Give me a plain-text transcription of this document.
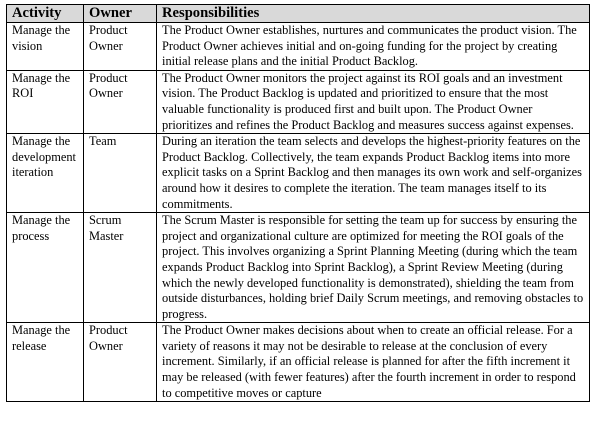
Activity	Owner	Responsibilities
Manage the vision	Product Owner	The Product Owner establishes, nurtures and communicates the product vision. The Product Owner achieves initial and on-going funding for the project by creating initial release plans and the initial Product Backlog.
Manage the ROI	Product Owner	The Product Owner monitors the project against its ROI goals and an investment vision. The Product Backlog is updated and prioritized to ensure that the most valuable functionality is produced first and built upon. The Product Owner prioritizes and refines the Product Backlog and measures success against expenses.
Manage the development iteration	Team	During an iteration the team selects and develops the highest-priority features on the Product Backlog. Collectively, the team expands Product Backlog items into more explicit tasks on a Sprint Backlog and then manages its own work and self-organizes around how it desires to complete the iteration. The team manages itself to its commitments.
Manage the process	Scrum Master	The Scrum Master is responsible for setting the team up for success by ensuring the project and organizational culture are optimized for meeting the ROI goals of the project. This involves organizing a Sprint Planning Meeting (during which the team expands Product Backlog into Sprint Backlog), a Sprint Review Meeting (during which the newly developed functionality is demonstrated), shielding the team from outside disturbances, holding brief Daily Scrum meetings, and removing obstacles to progress.
Manage the release	Product Owner	The Product Owner makes decisions about when to create an official release. For a variety of reasons it may not be desirable to release at the conclusion of every increment. Similarly, if an official release is planned for after the fifth increment it may be released (with fewer features) after the fourth increment in order to respond to competitive moves or capture
